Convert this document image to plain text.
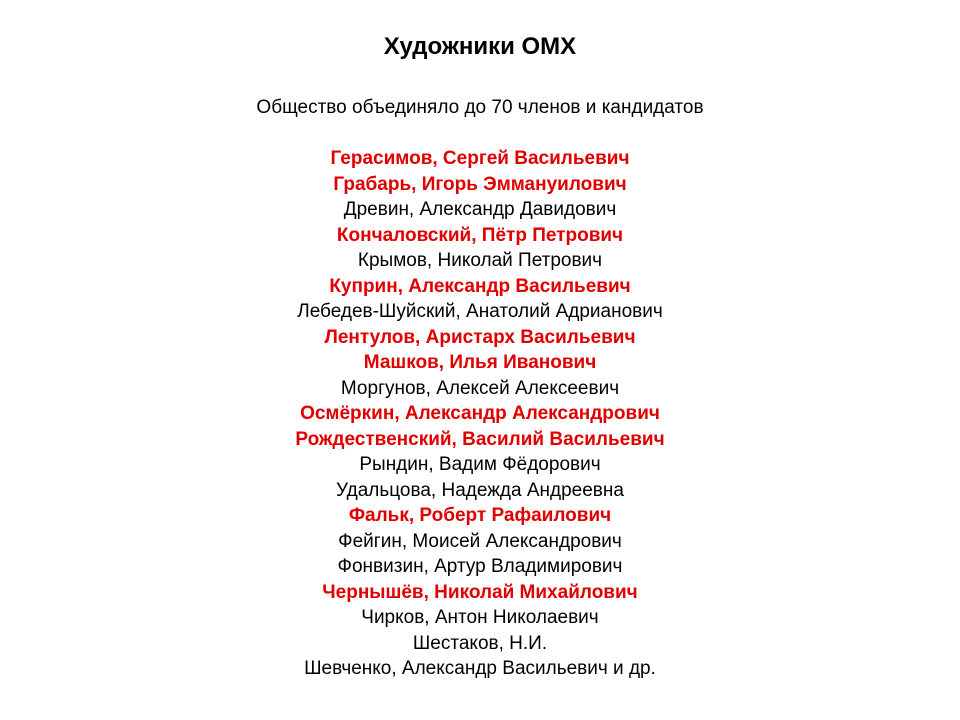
Художники ОМХ
Общество объединяло до 70 членов и кандидатов
Герасимов, Сергей Васильевич
Грабарь, Игорь Эммануилович
Древин, Александр Давидович
Кончаловский, Пётр Петрович
Крымов, Николай Петрович
Куприн, Александр Васильевич
Лебедев-Шуйский, Анатолий Адрианович
Лентулов, Аристарх Васильевич
Машков, Илья Иванович
Моргунов, Алексей Алексеевич
Осмёркин, Александр Александрович
Рождественский, Василий Васильевич
Рындин, Вадим Фёдорович
Удальцова, Надежда Андреевна
Фальк, Роберт Рафаилович
Фейгин, Моисей Александрович
Фонвизин, Артур Владимирович
Чернышёв, Николай Михайлович
Чирков, Антон Николаевич
Шестаков, Н.И.
Шевченко, Александр Васильевич и др.
